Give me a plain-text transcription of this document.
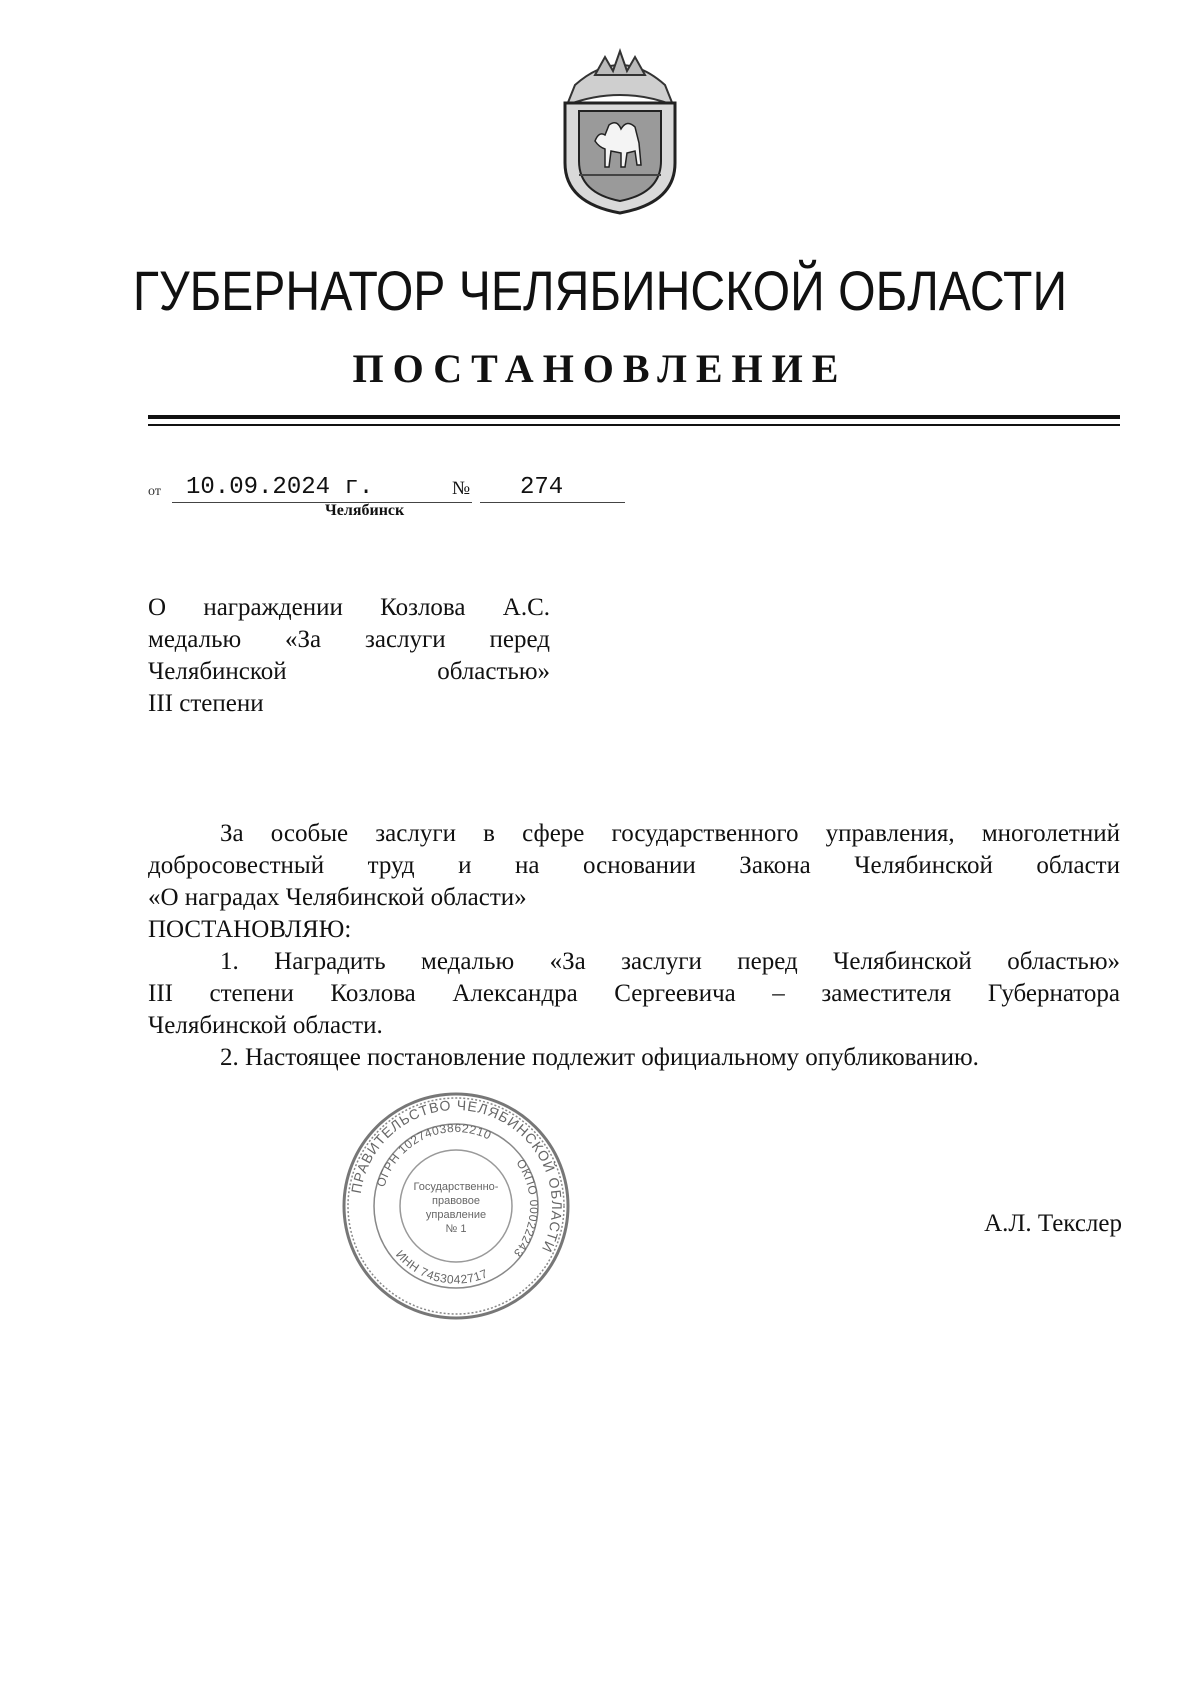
ГУБЕРНАТОР ЧЕЛЯБИНСКОЙ ОБЛАСТИ
ПОСТАНОВЛЕНИЕ
от 10.09.2024 г.	№ 274
Челябинск
О награждении Козлова А.С.
медалью «За заслуги перед
Челябинской областью»
III степени
За особые заслуги в сфере государственного управления, многолетний
добросовестный труд и на основании Закона Челябинской области
«О наградах Челябинской области»
ПОСТАНОВЛЯЮ:
1. Наградить медалью «За заслуги перед Челябинской областью»
III степени Козлова Александра Сергеевича – заместителя Губернатора
Челябинской области.
2. Настоящее постановление подлежит официальному опубликованию.
ПРАВИТЕЛЬСТВО ЧЕЛЯБИНСКОЙ ОБЛАСТИ
ОГРН 1027403862210
ОКПО 00022243
ИНН 7453042717
Государственно-
правовое
управление
№ 1	А.Л. Текслер
